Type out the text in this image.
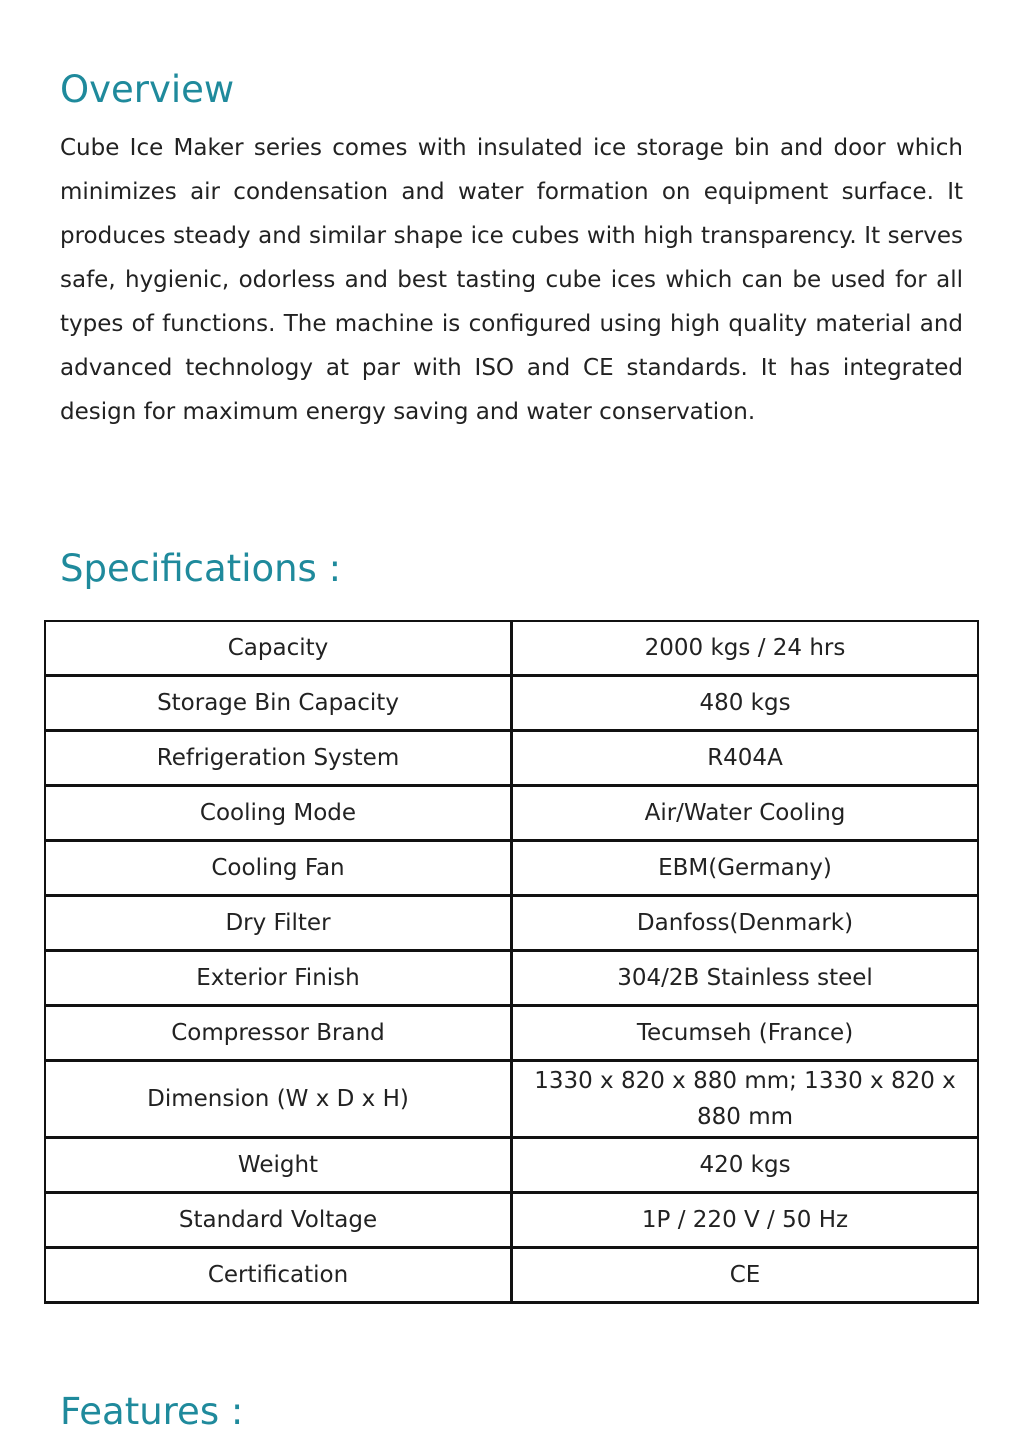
Overview

Cube Ice Maker series comes with insulated ice storage bin and door which minimizes air condensation and water formation on equipment surface. It produces steady and similar shape ice cubes with high transparency. It serves safe, hygienic, odorless and best tasting cube ices which can be used for all types of functions. The machine is configured using high quality material and advanced technology at par with ISO and CE standards. It has integrated design for maximum energy saving and water conservation.

Specifications :
Capacity	2000 kgs / 24 hrs
Storage Bin Capacity	480 kgs
Refrigeration System	R404A
Cooling Mode	Air/Water Cooling
Cooling Fan	EBM(Germany)
Dry Filter	Danfoss(Denmark)
Exterior Finish	304/2B Stainless steel
Compressor Brand	Tecumseh (France)
Dimension (W x D x H)	1330 x 820 x 880 mm; 1330 x 820 x 880 mm
Weight	420 kgs
Standard Voltage	1P / 220 V / 50 Hz
Certification	CE
Features :
